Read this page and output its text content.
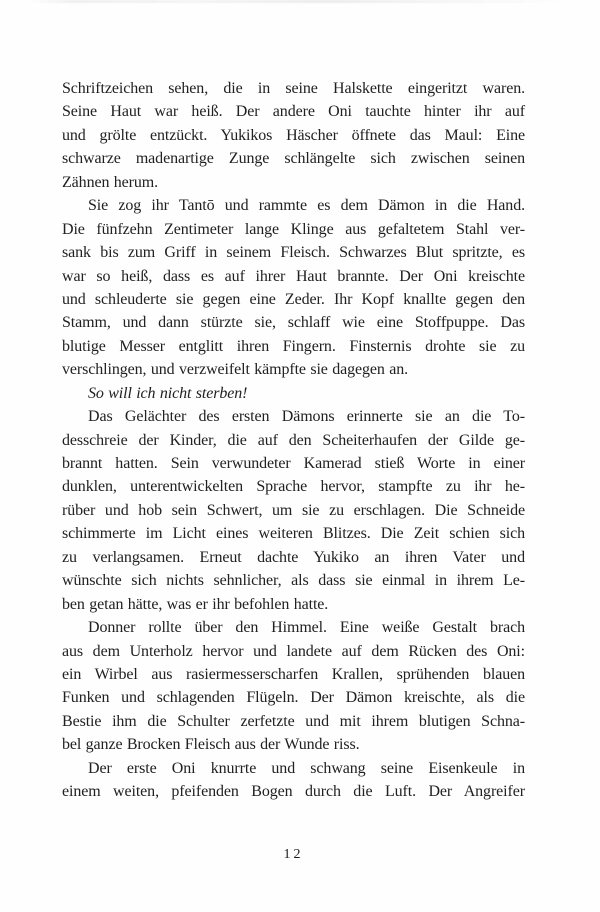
Schriftzeichen sehen, die in seine Halskette eingeritzt waren.
Seine Haut war heiß. Der andere Oni tauchte hinter ihr auf
und grölte entzückt. Yukikos Häscher öffnete das Maul: Eine
schwarze madenartige Zunge schlängelte sich zwischen seinen
Zähnen herum.

Sie zog ihr Tantō und rammte es dem Dämon in die Hand.
Die fünfzehn Zentimeter lange Klinge aus gefaltetem Stahl ver-
sank bis zum Griff in seinem Fleisch. Schwarzes Blut spritzte, es
war so heiß, dass es auf ihrer Haut brannte. Der Oni kreischte
und schleuderte sie gegen eine Zeder. Ihr Kopf knallte gegen den
Stamm, und dann stürzte sie, schlaff wie eine Stoffpuppe. Das
blutige Messer entglitt ihren Fingern. Finsternis drohte sie zu
verschlingen, und verzweifelt kämpfte sie dagegen an.

So will ich nicht sterben!

Das Gelächter des ersten Dämons erinnerte sie an die To-
desschreie der Kinder, die auf den Scheiterhaufen der Gilde ge-
brannt hatten. Sein verwundeter Kamerad stieß Worte in einer
dunklen, unterentwickelten Sprache hervor, stampfte zu ihr he-
rüber und hob sein Schwert, um sie zu erschlagen. Die Schneide
schimmerte im Licht eines weiteren Blitzes. Die Zeit schien sich
zu verlangsamen. Erneut dachte Yukiko an ihren Vater und
wünschte sich nichts sehnlicher, als dass sie einmal in ihrem Le-
ben getan hätte, was er ihr befohlen hatte.

Donner rollte über den Himmel. Eine weiße Gestalt brach
aus dem Unterholz hervor und landete auf dem Rücken des Oni:
ein Wirbel aus rasiermesserscharfen Krallen, sprühenden blauen
Funken und schlagenden Flügeln. Der Dämon kreischte, als die
Bestie ihm die Schulter zerfetzte und mit ihrem blutigen Schna-
bel ganze Brocken Fleisch aus der Wunde riss.

Der erste Oni knurrte und schwang seine Eisenkeule in
einem weiten, pfeifenden Bogen durch die Luft. Der Angreifer

12
